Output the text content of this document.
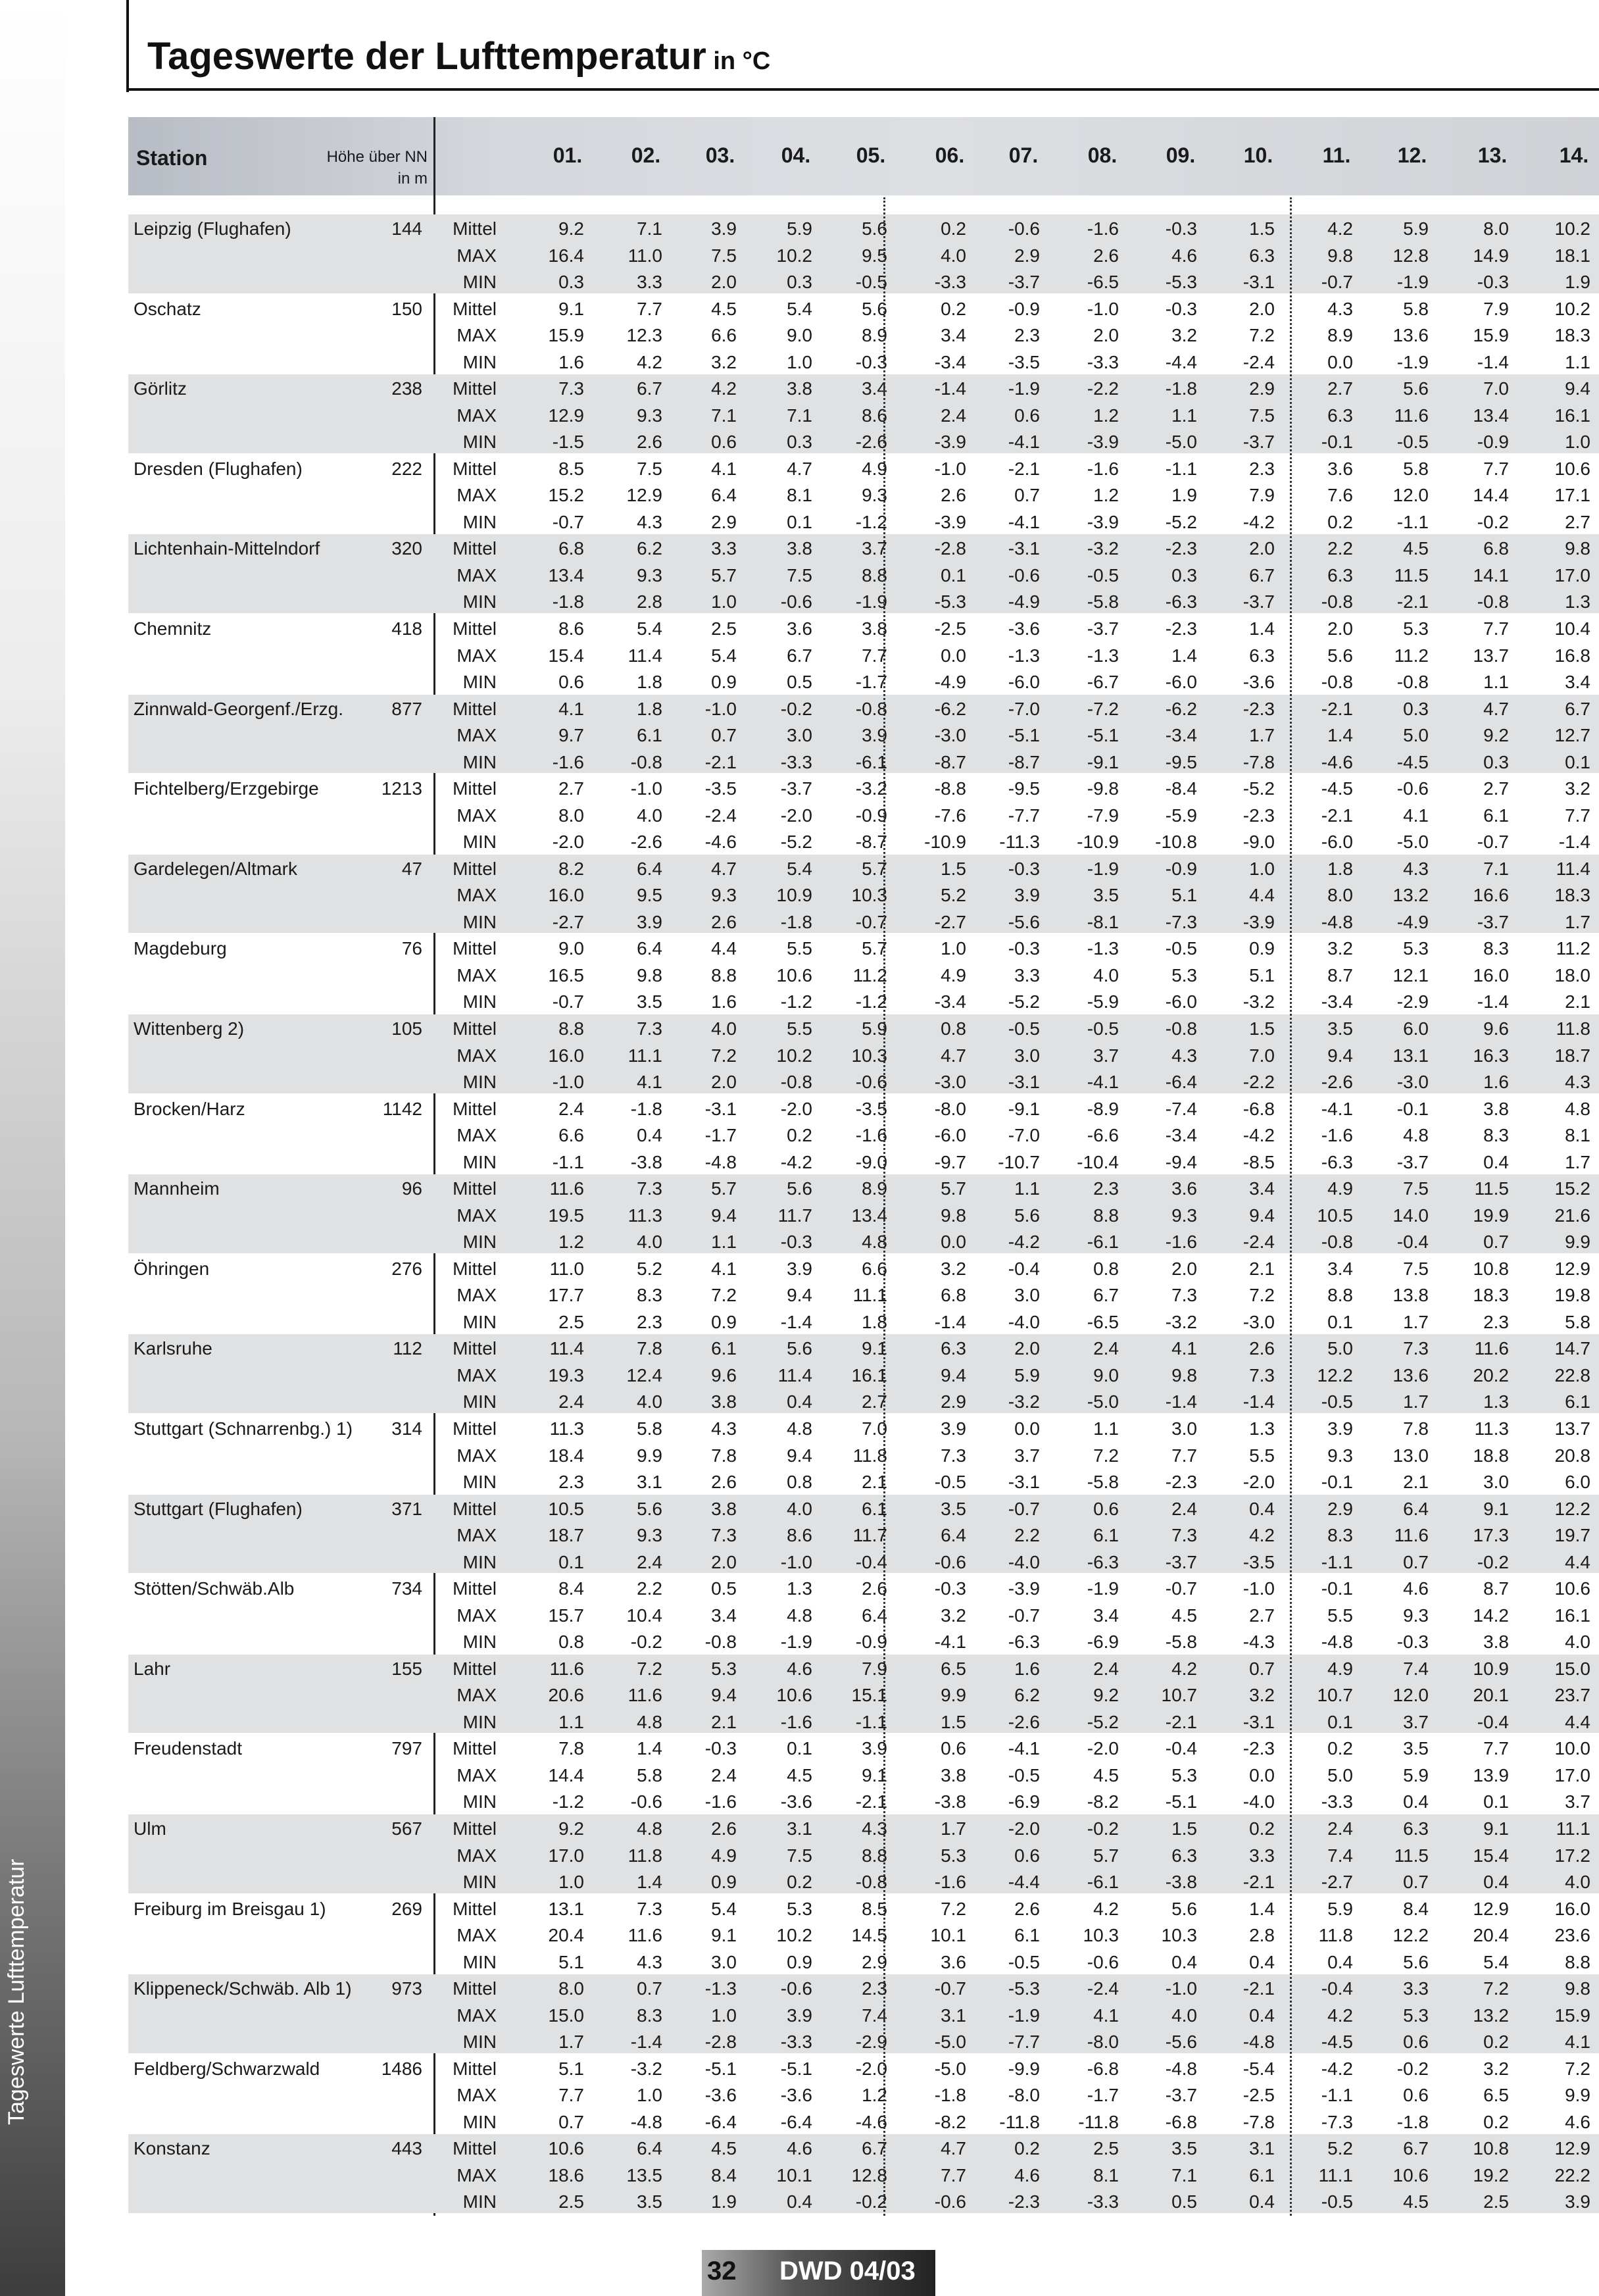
Tageswerte der Lufttemperatur in °C
Station	Höhe über NN
in m
01.	02.	03.	04.	05.	06.	07.	08.	09.	10.	11.	12.	13.	14.
Leipzig (Flughafen)	144	Mittel	9.2	7.1	3.9	5.9	5.6	0.2	-0.6	-1.6	-0.3	1.5	4.2	5.9	8.0	10.2
MAX	16.4	11.0	7.5	10.2	9.5	4.0	2.9	2.6	4.6	6.3	9.8	12.8	14.9	18.1
MIN	0.3	3.3	2.0	0.3	-0.5	-3.3	-3.7	-6.5	-5.3	-3.1	-0.7	-1.9	-0.3	1.9
Oschatz	150	Mittel	9.1	7.7	4.5	5.4	5.6	0.2	-0.9	-1.0	-0.3	2.0	4.3	5.8	7.9	10.2
MAX	15.9	12.3	6.6	9.0	8.9	3.4	2.3	2.0	3.2	7.2	8.9	13.6	15.9	18.3
MIN	1.6	4.2	3.2	1.0	-0.3	-3.4	-3.5	-3.3	-4.4	-2.4	0.0	-1.9	-1.4	1.1
Görlitz	238	Mittel	7.3	6.7	4.2	3.8	3.4	-1.4	-1.9	-2.2	-1.8	2.9	2.7	5.6	7.0	9.4
MAX	12.9	9.3	7.1	7.1	8.6	2.4	0.6	1.2	1.1	7.5	6.3	11.6	13.4	16.1
MIN	-1.5	2.6	0.6	0.3	-2.6	-3.9	-4.1	-3.9	-5.0	-3.7	-0.1	-0.5	-0.9	1.0
Dresden (Flughafen)	222	Mittel	8.5	7.5	4.1	4.7	4.9	-1.0	-2.1	-1.6	-1.1	2.3	3.6	5.8	7.7	10.6
MAX	15.2	12.9	6.4	8.1	9.3	2.6	0.7	1.2	1.9	7.9	7.6	12.0	14.4	17.1
MIN	-0.7	4.3	2.9	0.1	-1.2	-3.9	-4.1	-3.9	-5.2	-4.2	0.2	-1.1	-0.2	2.7
Lichtenhain-Mittelndorf	320	Mittel	6.8	6.2	3.3	3.8	3.7	-2.8	-3.1	-3.2	-2.3	2.0	2.2	4.5	6.8	9.8
MAX	13.4	9.3	5.7	7.5	8.8	0.1	-0.6	-0.5	0.3	6.7	6.3	11.5	14.1	17.0
MIN	-1.8	2.8	1.0	-0.6	-1.9	-5.3	-4.9	-5.8	-6.3	-3.7	-0.8	-2.1	-0.8	1.3
Chemnitz	418	Mittel	8.6	5.4	2.5	3.6	3.8	-2.5	-3.6	-3.7	-2.3	1.4	2.0	5.3	7.7	10.4
MAX	15.4	11.4	5.4	6.7	7.7	0.0	-1.3	-1.3	1.4	6.3	5.6	11.2	13.7	16.8
MIN	0.6	1.8	0.9	0.5	-1.7	-4.9	-6.0	-6.7	-6.0	-3.6	-0.8	-0.8	1.1	3.4
Zinnwald-Georgenf./Erzg.	877	Mittel	4.1	1.8	-1.0	-0.2	-0.8	-6.2	-7.0	-7.2	-6.2	-2.3	-2.1	0.3	4.7	6.7
MAX	9.7	6.1	0.7	3.0	3.9	-3.0	-5.1	-5.1	-3.4	1.7	1.4	5.0	9.2	12.7
MIN	-1.6	-0.8	-2.1	-3.3	-6.1	-8.7	-8.7	-9.1	-9.5	-7.8	-4.6	-4.5	0.3	0.1
Fichtelberg/Erzgebirge	1213	Mittel	2.7	-1.0	-3.5	-3.7	-3.2	-8.8	-9.5	-9.8	-8.4	-5.2	-4.5	-0.6	2.7	3.2
MAX	8.0	4.0	-2.4	-2.0	-0.9	-7.6	-7.7	-7.9	-5.9	-2.3	-2.1	4.1	6.1	7.7
MIN	-2.0	-2.6	-4.6	-5.2	-8.7	-10.9	-11.3	-10.9	-10.8	-9.0	-6.0	-5.0	-0.7	-1.4
Gardelegen/Altmark	47	Mittel	8.2	6.4	4.7	5.4	5.7	1.5	-0.3	-1.9	-0.9	1.0	1.8	4.3	7.1	11.4
MAX	16.0	9.5	9.3	10.9	10.3	5.2	3.9	3.5	5.1	4.4	8.0	13.2	16.6	18.3
MIN	-2.7	3.9	2.6	-1.8	-0.7	-2.7	-5.6	-8.1	-7.3	-3.9	-4.8	-4.9	-3.7	1.7
Magdeburg	76	Mittel	9.0	6.4	4.4	5.5	5.7	1.0	-0.3	-1.3	-0.5	0.9	3.2	5.3	8.3	11.2
MAX	16.5	9.8	8.8	10.6	11.2	4.9	3.3	4.0	5.3	5.1	8.7	12.1	16.0	18.0
MIN	-0.7	3.5	1.6	-1.2	-1.2	-3.4	-5.2	-5.9	-6.0	-3.2	-3.4	-2.9	-1.4	2.1
Wittenberg 2)	105	Mittel	8.8	7.3	4.0	5.5	5.9	0.8	-0.5	-0.5	-0.8	1.5	3.5	6.0	9.6	11.8
MAX	16.0	11.1	7.2	10.2	10.3	4.7	3.0	3.7	4.3	7.0	9.4	13.1	16.3	18.7
MIN	-1.0	4.1	2.0	-0.8	-0.6	-3.0	-3.1	-4.1	-6.4	-2.2	-2.6	-3.0	1.6	4.3
Brocken/Harz	1142	Mittel	2.4	-1.8	-3.1	-2.0	-3.5	-8.0	-9.1	-8.9	-7.4	-6.8	-4.1	-0.1	3.8	4.8
MAX	6.6	0.4	-1.7	0.2	-1.6	-6.0	-7.0	-6.6	-3.4	-4.2	-1.6	4.8	8.3	8.1
MIN	-1.1	-3.8	-4.8	-4.2	-9.0	-9.7	-10.7	-10.4	-9.4	-8.5	-6.3	-3.7	0.4	1.7
Mannheim	96	Mittel	11.6	7.3	5.7	5.6	8.9	5.7	1.1	2.3	3.6	3.4	4.9	7.5	11.5	15.2
MAX	19.5	11.3	9.4	11.7	13.4	9.8	5.6	8.8	9.3	9.4	10.5	14.0	19.9	21.6
MIN	1.2	4.0	1.1	-0.3	4.8	0.0	-4.2	-6.1	-1.6	-2.4	-0.8	-0.4	0.7	9.9
Öhringen	276	Mittel	11.0	5.2	4.1	3.9	6.6	3.2	-0.4	0.8	2.0	2.1	3.4	7.5	10.8	12.9
MAX	17.7	8.3	7.2	9.4	11.1	6.8	3.0	6.7	7.3	7.2	8.8	13.8	18.3	19.8
MIN	2.5	2.3	0.9	-1.4	1.8	-1.4	-4.0	-6.5	-3.2	-3.0	0.1	1.7	2.3	5.8
Karlsruhe	112	Mittel	11.4	7.8	6.1	5.6	9.1	6.3	2.0	2.4	4.1	2.6	5.0	7.3	11.6	14.7
MAX	19.3	12.4	9.6	11.4	16.1	9.4	5.9	9.0	9.8	7.3	12.2	13.6	20.2	22.8
MIN	2.4	4.0	3.8	0.4	2.7	2.9	-3.2	-5.0	-1.4	-1.4	-0.5	1.7	1.3	6.1
Stuttgart (Schnarrenbg.) 1)	314	Mittel	11.3	5.8	4.3	4.8	7.0	3.9	0.0	1.1	3.0	1.3	3.9	7.8	11.3	13.7
MAX	18.4	9.9	7.8	9.4	11.8	7.3	3.7	7.2	7.7	5.5	9.3	13.0	18.8	20.8
MIN	2.3	3.1	2.6	0.8	2.1	-0.5	-3.1	-5.8	-2.3	-2.0	-0.1	2.1	3.0	6.0
Stuttgart (Flughafen)	371	Mittel	10.5	5.6	3.8	4.0	6.1	3.5	-0.7	0.6	2.4	0.4	2.9	6.4	9.1	12.2
MAX	18.7	9.3	7.3	8.6	11.7	6.4	2.2	6.1	7.3	4.2	8.3	11.6	17.3	19.7
MIN	0.1	2.4	2.0	-1.0	-0.4	-0.6	-4.0	-6.3	-3.7	-3.5	-1.1	0.7	-0.2	4.4
Stötten/Schwäb.Alb	734	Mittel	8.4	2.2	0.5	1.3	2.6	-0.3	-3.9	-1.9	-0.7	-1.0	-0.1	4.6	8.7	10.6
MAX	15.7	10.4	3.4	4.8	6.4	3.2	-0.7	3.4	4.5	2.7	5.5	9.3	14.2	16.1
MIN	0.8	-0.2	-0.8	-1.9	-0.9	-4.1	-6.3	-6.9	-5.8	-4.3	-4.8	-0.3	3.8	4.0
Lahr	155	Mittel	11.6	7.2	5.3	4.6	7.9	6.5	1.6	2.4	4.2	0.7	4.9	7.4	10.9	15.0
MAX	20.6	11.6	9.4	10.6	15.1	9.9	6.2	9.2	10.7	3.2	10.7	12.0	20.1	23.7
MIN	1.1	4.8	2.1	-1.6	-1.1	1.5	-2.6	-5.2	-2.1	-3.1	0.1	3.7	-0.4	4.4
Freudenstadt	797	Mittel	7.8	1.4	-0.3	0.1	3.9	0.6	-4.1	-2.0	-0.4	-2.3	0.2	3.5	7.7	10.0
MAX	14.4	5.8	2.4	4.5	9.1	3.8	-0.5	4.5	5.3	0.0	5.0	5.9	13.9	17.0
MIN	-1.2	-0.6	-1.6	-3.6	-2.1	-3.8	-6.9	-8.2	-5.1	-4.0	-3.3	0.4	0.1	3.7
Ulm	567	Mittel	9.2	4.8	2.6	3.1	4.3	1.7	-2.0	-0.2	1.5	0.2	2.4	6.3	9.1	11.1
MAX	17.0	11.8	4.9	7.5	8.8	5.3	0.6	5.7	6.3	3.3	7.4	11.5	15.4	17.2
MIN	1.0	1.4	0.9	0.2	-0.8	-1.6	-4.4	-6.1	-3.8	-2.1	-2.7	0.7	0.4	4.0
Freiburg im Breisgau 1)	269	Mittel	13.1	7.3	5.4	5.3	8.5	7.2	2.6	4.2	5.6	1.4	5.9	8.4	12.9	16.0
MAX	20.4	11.6	9.1	10.2	14.5	10.1	6.1	10.3	10.3	2.8	11.8	12.2	20.4	23.6
MIN	5.1	4.3	3.0	0.9	2.9	3.6	-0.5	-0.6	0.4	0.4	0.4	5.6	5.4	8.8
Klippeneck/Schwäb. Alb 1)	973	Mittel	8.0	0.7	-1.3	-0.6	2.3	-0.7	-5.3	-2.4	-1.0	-2.1	-0.4	3.3	7.2	9.8
MAX	15.0	8.3	1.0	3.9	7.4	3.1	-1.9	4.1	4.0	0.4	4.2	5.3	13.2	15.9
MIN	1.7	-1.4	-2.8	-3.3	-2.9	-5.0	-7.7	-8.0	-5.6	-4.8	-4.5	0.6	0.2	4.1
Feldberg/Schwarzwald	1486	Mittel	5.1	-3.2	-5.1	-5.1	-2.0	-5.0	-9.9	-6.8	-4.8	-5.4	-4.2	-0.2	3.2	7.2
MAX	7.7	1.0	-3.6	-3.6	1.2	-1.8	-8.0	-1.7	-3.7	-2.5	-1.1	0.6	6.5	9.9
MIN	0.7	-4.8	-6.4	-6.4	-4.6	-8.2	-11.8	-11.8	-6.8	-7.8	-7.3	-1.8	0.2	4.6
Konstanz	443	Mittel	10.6	6.4	4.5	4.6	6.7	4.7	0.2	2.5	3.5	3.1	5.2	6.7	10.8	12.9
MAX	18.6	13.5	8.4	10.1	12.8	7.7	4.6	8.1	7.1	6.1	11.1	10.6	19.2	22.2
MIN	2.5	3.5	1.9	0.4	-0.2	-0.6	-2.3	-3.3	0.5	0.4	-0.5	4.5	2.5	3.9
32 DWD 04/03
